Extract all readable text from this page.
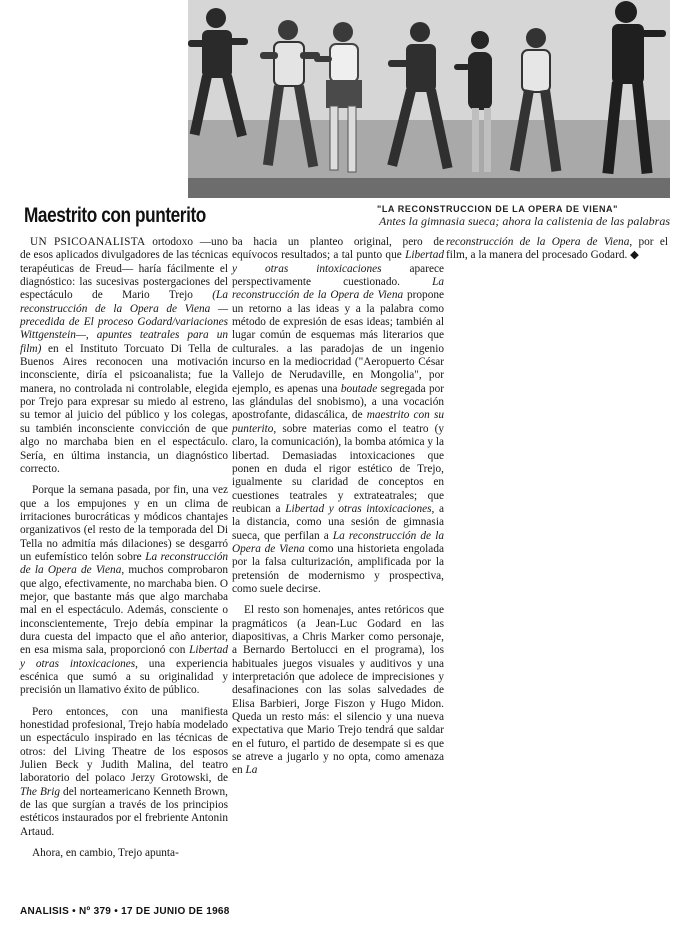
"LA RECONSTRUCCION DE LA OPERA DE VIENA"
Antes la gimnasia sueca; ahora la calistenia de las palabras
Maestrito con punterito

UN PSICOANALISTA ortodoxo —uno de esos aplicados divulgadores de las técnicas terapéuticas de Freud— haría fácilmente el diagnóstico: las sucesivas postergaciones del espectáculo de Mario Trejo (La reconstrucción de la Opera de Viena —precedida de El proceso Godard/variaciones Wittgenstein—, apuntes teatrales para un film) en el Instituto Torcuato Di Tella de Buenos Aires reconocen una motivación inconsciente, diría el psicoanalista; fue la manera, no controlada ni controlable, elegida por Trejo para expresar su miedo al estreno, su temor al juicio del público y los colegas, su también inconsciente convicción de que algo no marchaba bien en el espectáculo. Sería, en última instancia, un diagnóstico correcto.

Porque la semana pasada, por fin, una vez que a los empujones y en un clima de irritaciones burocráticas y módicos chantajes organizativos (el resto de la temporada del Di Tella no admitía más dilaciones) se desgarró un eufemístico telón sobre La reconstrucción de la Opera de Viena, muchos comprobaron que algo, efectivamente, no marchaba bien. O mejor, que bastante más que algo marchaba mal en el espectáculo. Además, consciente o inconscientemente, Trejo debía empinar la dura cuesta del impacto que el año anterior, en esa misma sala, proporcionó con Libertad y otras intoxicaciones, una experiencia escénica que sumó a su originalidad y precisión un llamativo éxito de público.

Pero entonces, con una manifiesta honestidad profesional, Trejo había modelado un espectáculo inspirado en las técnicas de otros: del Living Theatre de los esposos Julien Beck y Judith Malina, del teatro laboratorio del polaco Jerzy Grotowski, de The Brig del norteamericano Kenneth Brown, de las que surgían a través de los principios estéticos instaurados por el frebriente Antonin Artaud.

Ahora, en cambio, Trejo apunta-

ba hacia un planteo original, pero de equívocos resultados; a tal punto que Libertad y otras intoxicaciones aparece perspectivamente cuestionado. La reconstrucción de la Opera de Viena propone un retorno a las ideas y a la palabra como método de expresión de esas ideas; también al lugar común de esquemas más literarios que culturales. a las paradojas de un ingenio incurso en la mediocridad ("Aeropuerto César Vallejo de Nerudaville, en Mongolia", por ejemplo, es apenas una boutade segregada por las glándulas del snobismo), a una vocación apostrofante, didascálica, de maestrito con su punterito, sobre materias como el teatro (y claro, la comunicación), la bomba atómica y la libertad. Demasiadas intoxicaciones que ponen en duda el rigor estético de Trejo, igualmente su claridad de conceptos en cuestiones teatrales y extrateatrales; que reubican a Libertad y otras intoxicaciones, a la distancia, como una sesión de gimnasia sueca, que perfilan a La reconstrucción de la Opera de Viena como una historieta engolada por la falsa culturización, amplificada por la pretensión de modernismo y prospectiva, como suele decirse.

El resto son homenajes, antes retóricos que pragmáticos (a Jean-Luc Godard en las diapositivas, a Chris Marker como personaje, a Bernardo Bertolucci en el programa), los habituales juegos visuales y auditivos y una interpretación que adolece de imprecisiones y desafinaciones con las solas salvedades de Elisa Barbieri, Jorge Fiszon y Hugo Midon. Queda un resto más: el silencio y una nueva expectativa que Mario Trejo tendrá que saldar en el futuro, el partido de desempate si es que se atreve a jugarlo y no opta, como amenaza en La

reconstrucción de la Opera de Viena, por el film, a la manera del procesado Godard. ◆

ANALISIS • Nº 379 • 17 DE JUNIO DE 1968
